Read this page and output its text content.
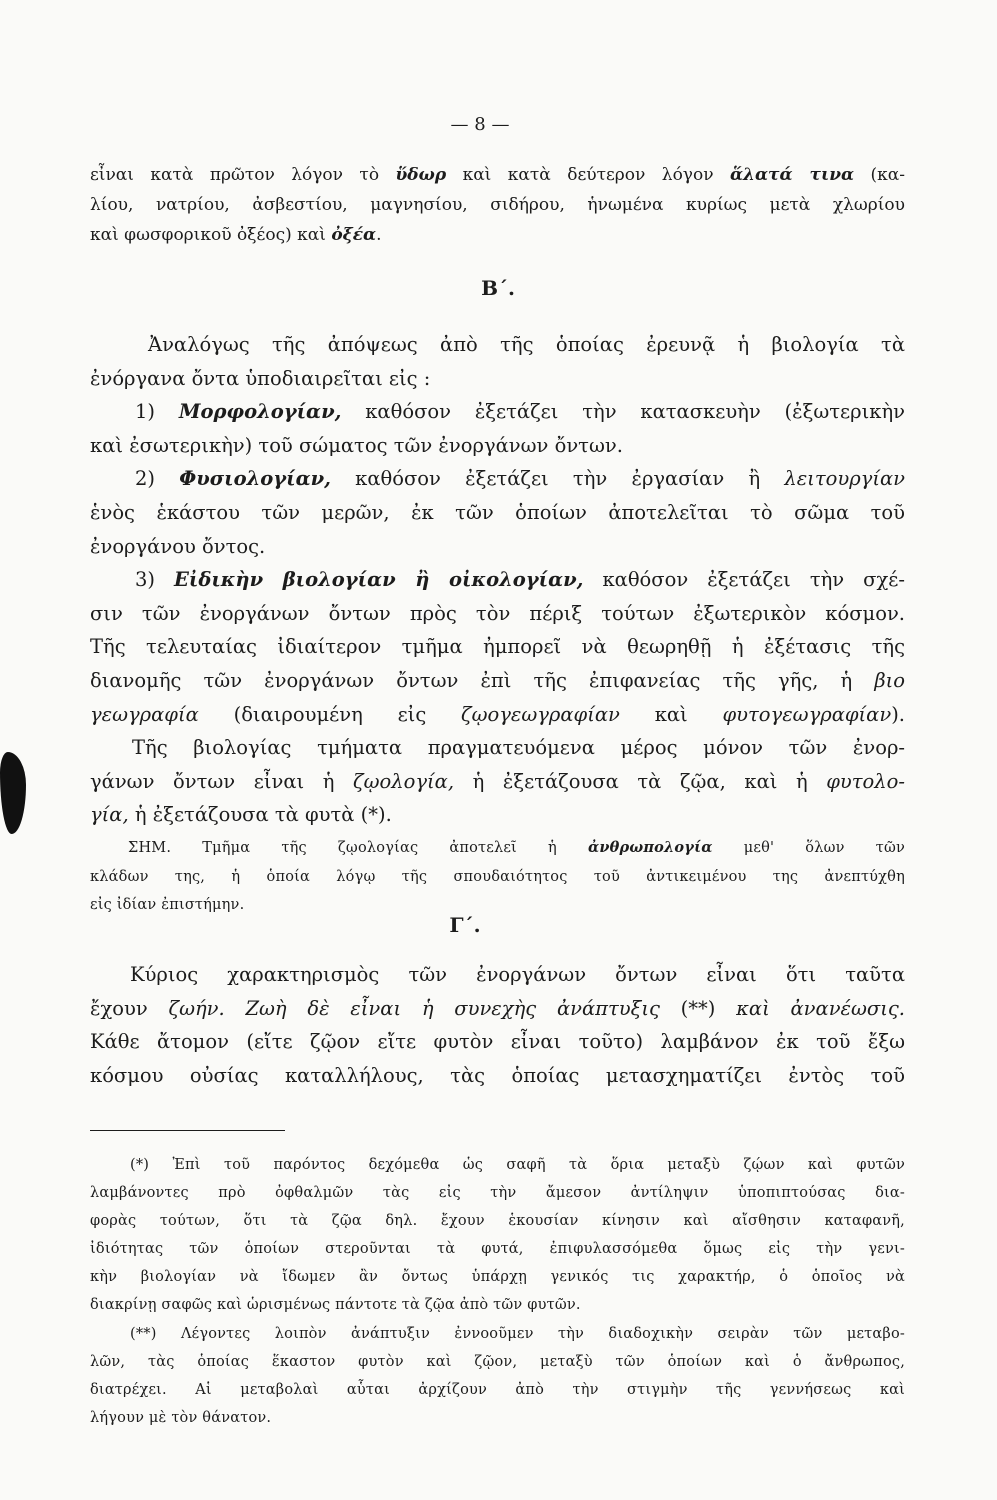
— 8 —
εἶναι κατὰ πρῶτον λόγον τὸ ὕδωρ καὶ κατὰ δεύτερον λόγον ἅλατά τινα (κα-
λίου, νατρίου, ἀσβεστίου, μαγνησίου, σιδήρου, ἡνωμένα κυρίως μετὰ χλωρίου
καὶ φωσφορικοῦ ὀξέος) καὶ ὀξέα.
Β΄.
Ἀναλόγως τῆς ἀπόψεως ἀπὸ τῆς ὁποίας ἐρευνᾷ ἡ βιολογία τὰ
ἐνόργανα ὄντα ὑποδιαιρεῖται εἰς :
1) Μορφολογίαν, καθόσον ἐξετάζει τὴν κατασκευὴν (ἐξωτερικὴν
καὶ ἐσωτερικὴν) τοῦ σώματος τῶν ἐνοργάνων ὄντων.
2) Φυσιολογίαν, καθόσον ἐξετάζει τὴν ἐργασίαν ἢ λειτουργίαν
ἑνὸς ἑκάστου τῶν μερῶν, ἐκ τῶν ὁποίων ἀποτελεῖται τὸ σῶμα τοῦ
ἐνοργάνου ὄντος.
3) Εἰδικὴν βιολογίαν ἢ οἰκολογίαν, καθόσον ἐξετάζει τὴν σχέ-
σιν τῶν ἐνοργάνων ὄντων πρὸς τὸν πέριξ τούτων ἐξωτερικὸν κόσμον.
Τῆς τελευταίας ἰδιαίτερον τμῆμα ἠμπορεῖ νὰ θεωρηθῇ ἡ ἐξέτασις τῆς
διανομῆς τῶν ἐνοργάνων ὄντων ἐπὶ τῆς ἐπιφανείας τῆς γῆς, ἡ βιο
γεωγραφία (διαιρουμένη εἰς ζῳογεωγραφίαν καὶ φυτογεωγραφίαν).
Τῆς βιολογίας τμήματα πραγματευόμενα μέρος μόνον τῶν ἐνορ-
γάνων ὄντων εἶναι ἡ ζῳολογία, ἡ ἐξετάζουσα τὰ ζῷα, καὶ ἡ φυτολο-
γία, ἡ ἐξετάζουσα τὰ φυτὰ (*).
ΣΗΜ. Τμῆμα τῆς ζῳολογίας ἀποτελεῖ ἡ ἀνθρωπολογία μεθ' ὅλων τῶν
κλάδων της, ἡ ὁποία λόγῳ τῆς σπουδαιότητος τοῦ ἀντικειμένου της ἀνεπτύχθη
εἰς ἰδίαν ἐπιστήμην.
Γ΄.
Κύριος χαρακτηρισμὸς τῶν ἐνοργάνων ὄντων εἶναι ὅτι ταῦτα
ἔχουν ζωήν. Ζωὴ δὲ εἶναι ἡ συνεχὴς ἀνάπτυξις (**) καὶ ἀνανέωσις.
Κάθε ἄτομον (εἴτε ζῷον εἴτε φυτὸν εἶναι τοῦτο) λαμβάνον ἐκ τοῦ ἔξω
κόσμου οὐσίας καταλλήλους, τὰς ὁποίας μετασχηματίζει ἐντὸς τοῦ
(*) Ἐπὶ τοῦ παρόντος δεχόμεθα ὡς σαφῆ τὰ ὅρια μεταξὺ ζῴων καὶ φυτῶν
λαμβάνοντες πρὸ ὀφθαλμῶν τὰς εἰς τὴν ἄμεσον ἀντίληψιν ὑποπιπτούσας δια-
φορὰς τούτων, ὅτι τὰ ζῷα δηλ. ἔχουν ἑκουσίαν κίνησιν καὶ αἴσθησιν καταφανῆ,
ἰδιότητας τῶν ὁποίων στεροῦνται τὰ φυτά, ἐπιφυλασσόμεθα ὅμως εἰς τὴν γενι-
κὴν βιολογίαν νὰ ἴδωμεν ἂν ὄντως ὑπάρχῃ γενικός τις χαρακτήρ, ὁ ὁποῖος νὰ
διακρίνῃ σαφῶς καὶ ὡρισμένως πάντοτε τὰ ζῷα ἀπὸ τῶν φυτῶν.
(**) Λέγοντες λοιπὸν ἀνάπτυξιν ἐννοοῦμεν τὴν διαδοχικὴν σειρὰν τῶν μεταβο-
λῶν, τὰς ὁποίας ἕκαστον φυτὸν καὶ ζῷον, μεταξὺ τῶν ὁποίων καὶ ὁ ἄνθρωπος,
διατρέχει. Αἱ μεταβολαὶ αὗται ἀρχίζουν ἀπὸ τὴν στιγμὴν τῆς γεννήσεως καὶ
λήγουν μὲ τὸν θάνατον.
